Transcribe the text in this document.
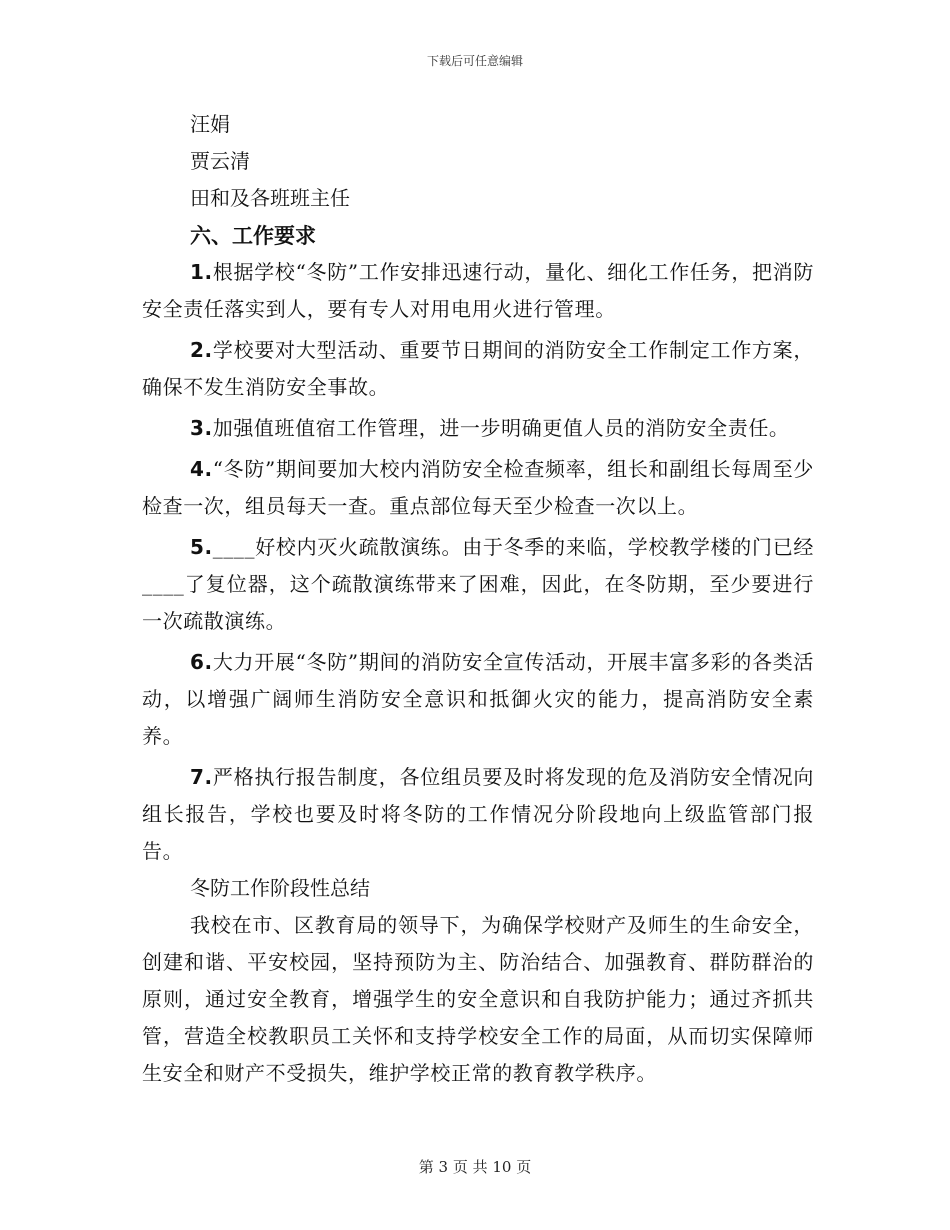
下载后可任意编辑

汪娟

贾云清

田和及各班班主任

六、工作要求

1.根据学校“冬防”工作安排迅速行动，量化、细化工作任务，把消防安全责任落实到人，要有专人对用电用火进行管理。

2.学校要对大型活动、重要节日期间的消防安全工作制定工作方案，确保不发生消防安全事故。

3.加强值班值宿工作管理，进一步明确更值人员的消防安全责任。

4.“冬防”期间要加大校内消防安全检查频率，组长和副组长每周至少检查一次，组员每天一查。重点部位每天至少检查一次以上。

5.____好校内灭火疏散演练。由于冬季的来临，学校教学楼的门已经____了复位器，这个疏散演练带来了困难，因此，在冬防期，至少要进行一次疏散演练。

6.大力开展“冬防”期间的消防安全宣传活动，开展丰富多彩的各类活动，以增强广阔师生消防安全意识和抵御火灾的能力，提高消防安全素养。

7.严格执行报告制度，各位组员要及时将发现的危及消防安全情况向组长报告，学校也要及时将冬防的工作情况分阶段地向上级监管部门报告。

冬防工作阶段性总结

我校在市、区教育局的领导下，为确保学校财产及师生的生命安全，创建和谐、平安校园，坚持预防为主、防治结合、加强教育、群防群治的原则，通过安全教育，增强学生的安全意识和自我防护能力；通过齐抓共管，营造全校教职员工关怀和支持学校安全工作的局面，从而切实保障师生安全和财产不受损失，维护学校正常的教育教学秩序。

第 3 页 共 10 页
